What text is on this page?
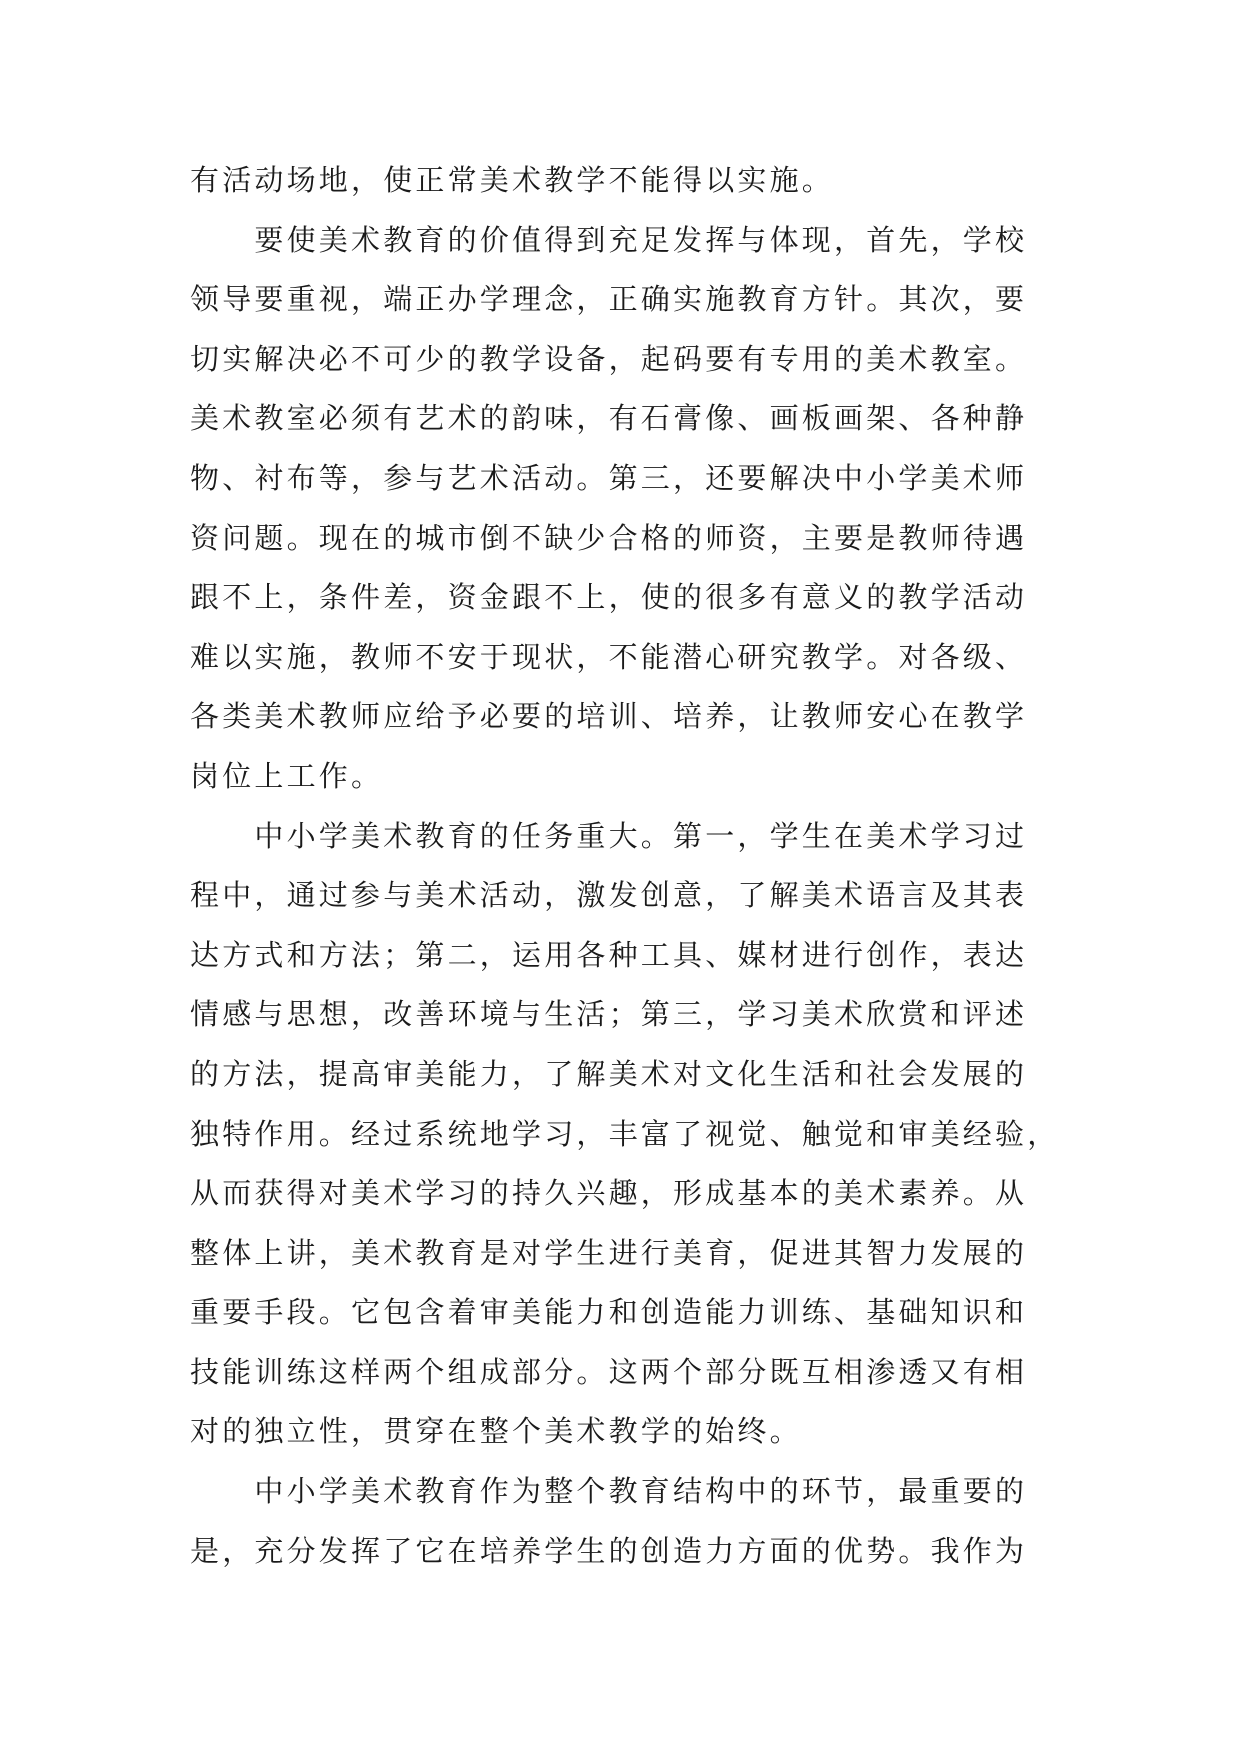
有活动场地，使正常美术教学不能得以实施。
　　要使美术教育的价值得到充足发挥与体现，首先，学校
领导要重视，端正办学理念，正确实施教育方针。其次，要
切实解决必不可少的教学设备，起码要有专用的美术教室。
美术教室必须有艺术的韵味，有石膏像、画板画架、各种静
物、衬布等，参与艺术活动。第三，还要解决中小学美术师
资问题。现在的城市倒不缺少合格的师资，主要是教师待遇
跟不上，条件差，资金跟不上，使的很多有意义的教学活动
难以实施，教师不安于现状，不能潜心研究教学。对各级、
各类美术教师应给予必要的培训、培养，让教师安心在教学
岗位上工作。
　　中小学美术教育的任务重大。第一，学生在美术学习过
程中，通过参与美术活动，激发创意，了解美术语言及其表
达方式和方法；第二，运用各种工具、媒材进行创作，表达
情感与思想，改善环境与生活；第三，学习美术欣赏和评述
的方法，提高审美能力，了解美术对文化生活和社会发展的
独特作用。经过系统地学习，丰富了视觉、触觉和审美经验，
从而获得对美术学习的持久兴趣，形成基本的美术素养。从
整体上讲，美术教育是对学生进行美育，促进其智力发展的
重要手段。它包含着审美能力和创造能力训练、基础知识和
技能训练这样两个组成部分。这两个部分既互相渗透又有相
对的独立性，贯穿在整个美术教学的始终。
　　中小学美术教育作为整个教育结构中的环节，最重要的
是，充分发挥了它在培养学生的创造力方面的优势。我作为
